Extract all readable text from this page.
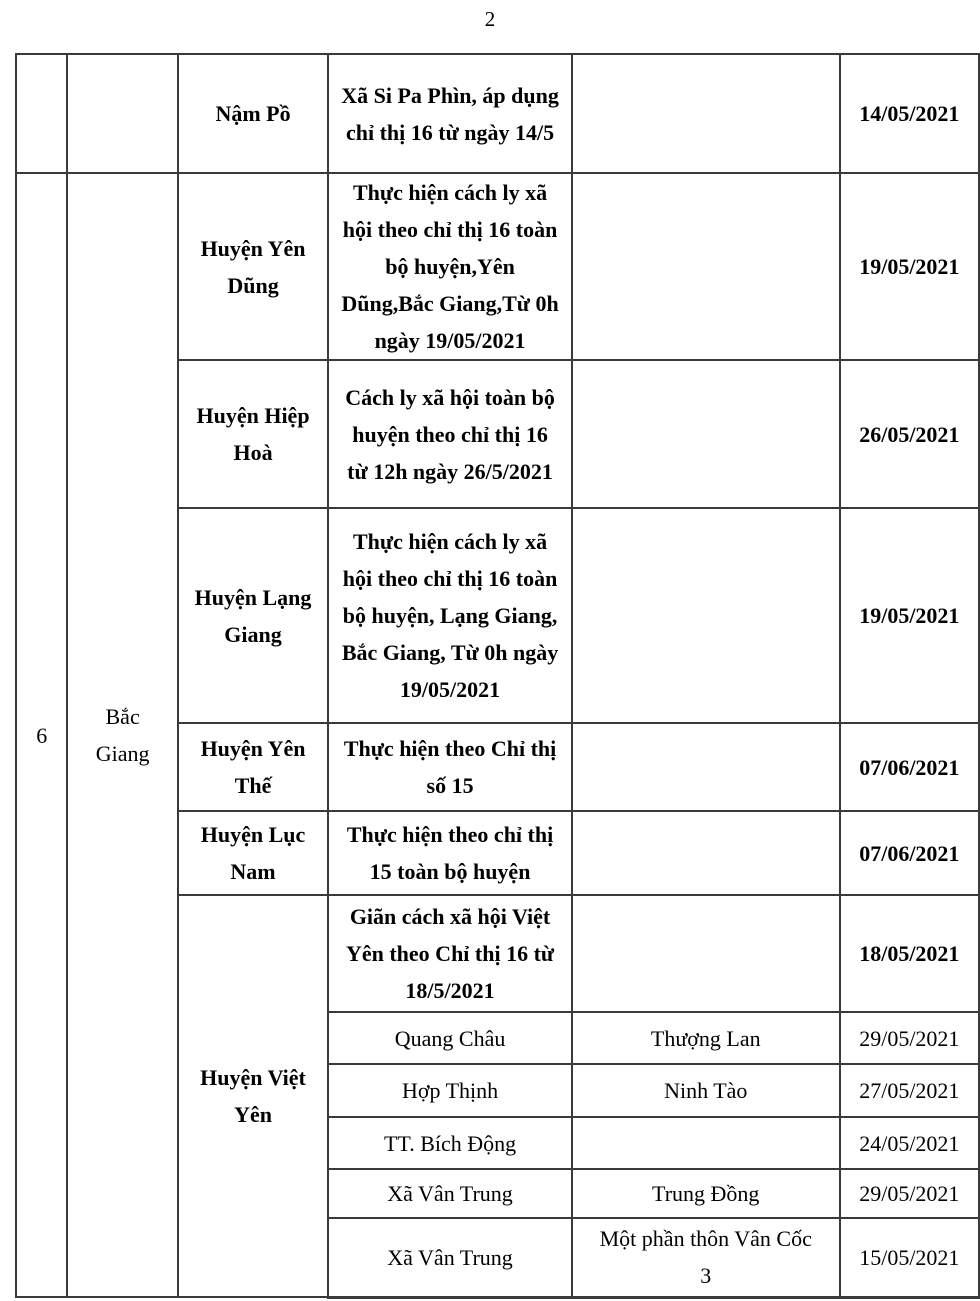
2
		Nậm Pồ	Xã Si Pa Phìn, áp dụng chỉ thị 16 từ ngày 14/5		14/05/2021
6	Bắc Giang	Huyện Yên Dũng	Thực hiện cách ly xã hội theo chỉ thị 16 toàn bộ huyện,Yên Dũng,Bắc Giang,Từ 0h ngày 19/05/2021		19/05/2021
		Huyện Hiệp Hoà	Cách ly xã hội toàn bộ huyện theo chỉ thị 16 từ 12h ngày 26/5/2021		26/05/2021
		Huyện Lạng Giang	Thực hiện cách ly xã hội theo chỉ thị 16 toàn bộ huyện, Lạng Giang, Bắc Giang, Từ 0h ngày 19/05/2021		19/05/2021
		Huyện Yên Thế	Thực hiện theo Chỉ thị số 15		07/06/2021
		Huyện Lục Nam	Thực hiện theo chỉ thị 15 toàn bộ huyện		07/06/2021
		Huyện Việt Yên	Giãn cách xã hội Việt Yên theo Chỉ thị 16 từ 18/5/2021		18/05/2021
			Quang Châu	Thượng Lan	29/05/2021
			Hợp Thịnh	Ninh Tào	27/05/2021
			TT. Bích Động		24/05/2021
			Xã Vân Trung	Trung Đồng	29/05/2021
			Xã Vân Trung	Một phần thôn Vân Cốc 3	15/05/2021
